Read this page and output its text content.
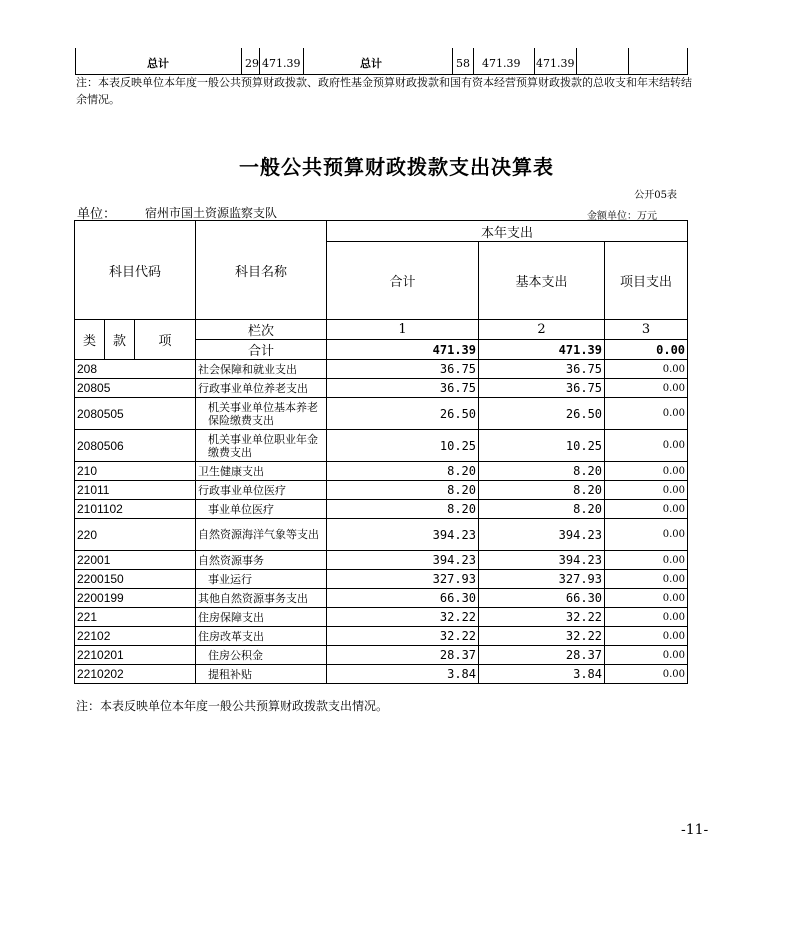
总计	29 471.39	总计	58 471.39 471.39
注：本表反映单位本年度一般公共预算财政拨款、政府性基金预算财政拨款和国有资本经营预算财政拨款的总收支和年末结转结余情况。
一般公共预算财政拨款支出决算表
公开05表
单位： 宿州市国土资源监察支队	金额单位：万元
科目代码			科目名称	本年支出		
				合计	基本支出	项目支出

类	款	项	栏次	1	2	3
			合计	471.39	471.39	0.00
208			社会保障和就业支出	36.75	36.75	0.00
20805			行政事业单位养老支出	36.75	36.75	0.00
2080505			机关事业单位基本养老保险缴费支出	26.50	26.50	0.00
2080506			机关事业单位职业年金缴费支出	10.25	10.25	0.00
210			卫生健康支出	8.20	8.20	0.00
21011			行政事业单位医疗	8.20	8.20	0.00
2101102			事业单位医疗	8.20	8.20	0.00
220			自然资源海洋气象等支出	394.23	394.23	0.00
22001			自然资源事务	394.23	394.23	0.00
2200150			事业运行	327.93	327.93	0.00
2200199			其他自然资源事务支出	66.30	66.30	0.00
221			住房保障支出	32.22	32.22	0.00
22102			住房改革支出	32.22	32.22	0.00
2210201			住房公积金	28.37	28.37	0.00
2210202			提租补贴	3.84	3.84	0.00
注：本表反映单位本年度一般公共预算财政拨款支出情况。
-11-
